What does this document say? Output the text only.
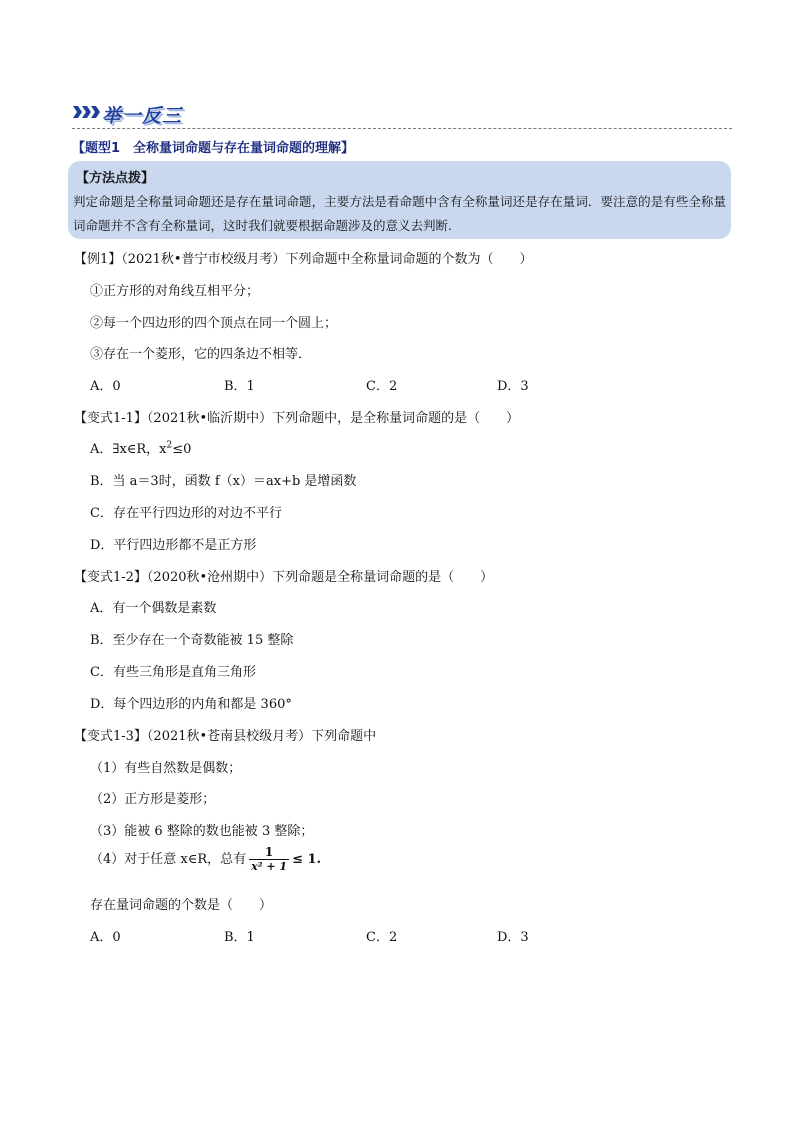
举一反三
【题型1　全称量词命题与存在量词命题的理解】
【方法点拨】
判定命题是全称量词命题还是存在量词命题，主要方法是看命题中含有全称量词还是存在量词．要注意的是有些全称量词命题并不含有全称量词，这时我们就要根据命题涉及的意义去判断.
【例1】（2021秋•普宁市校级月考）下列命题中全称量词命题的个数为（　　）
①正方形的对角线互相平分；
②每一个四边形的四个顶点在同一个圆上；
③存在一个菱形，它的四条边不相等．
A．0	B．1	C．2	D．3
【变式1-1】（2021秋•临沂期中）下列命题中，是全称量词命题的是（　　）
A．∃x∈R，$x^2\le 0$
B．当 a＝3时，函数 f（x）＝ax+b 是增函数
C．存在平行四边形的对边不平行
D．平行四边形都不是正方形
【变式1-2】（2020秋•沧州期中）下列命题是全称量词命题的是（　　）
A．有一个偶数是素数
B．至少存在一个奇数能被 15 整除
C．有些三角形是直角三角形
D．每个四边形的内角和都是 360°
【变式1-3】（2021秋•苍南县校级月考）下列命题中
（1）有些自然数是偶数；
（2）正方形是菱形；
（3）能被 6 整除的数也能被 3 整除；
（4）对于任意 x∈R，总有 $\frac{1}{\text{x² + 1}} \le 1$.
存在量词命题的个数是（　　）
A．0	B．1	C．2	D．3
